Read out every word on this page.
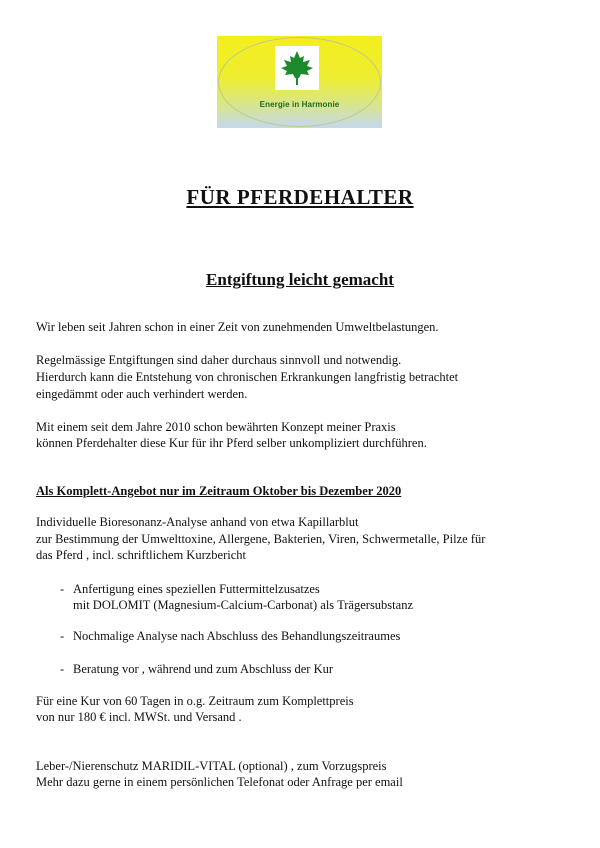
Energie in Harmonie
FÜR PFERDEHALTER
Entgiftung leicht gemacht
Wir leben seit Jahren schon in einer Zeit von zunehmenden Umweltbelastungen.
Regelmässige Entgiftungen sind daher durchaus sinnvoll und notwendig.
Hierdurch kann die Entstehung von chronischen Erkrankungen langfristig betrachtet
eingedämmt oder auch verhindert werden.
Mit einem seit dem Jahre 2010 schon bewährten Konzept meiner Praxis
können Pferdehalter diese Kur für ihr Pferd selber unkompliziert durchführen.
Als Komplett-Angebot nur im Zeitraum Oktober bis Dezember 2020
Individuelle Bioresonanz-Analyse anhand von etwa Kapillarblut
zur Bestimmung der Umwelttoxine, Allergene, Bakterien, Viren, Schwermetalle, Pilze für
das Pferd , incl. schriftlichem Kurzbericht
- Anfertigung eines speziellen Futtermittelzusatzes
mit DOLOMIT (Magnesium-Calcium-Carbonat) als Trägersubstanz
- Nochmalige Analyse nach Abschluss des Behandlungszeitraumes
- Beratung vor , während und zum Abschluss der Kur
Für eine Kur von 60 Tagen in o.g. Zeitraum zum Komplettpreis
von nur 180 € incl. MWSt. und Versand .
Leber-/Nierenschutz MARIDIL-VITAL (optional) , zum Vorzugspreis
Mehr dazu gerne in einem persönlichen Telefonat oder Anfrage per email
